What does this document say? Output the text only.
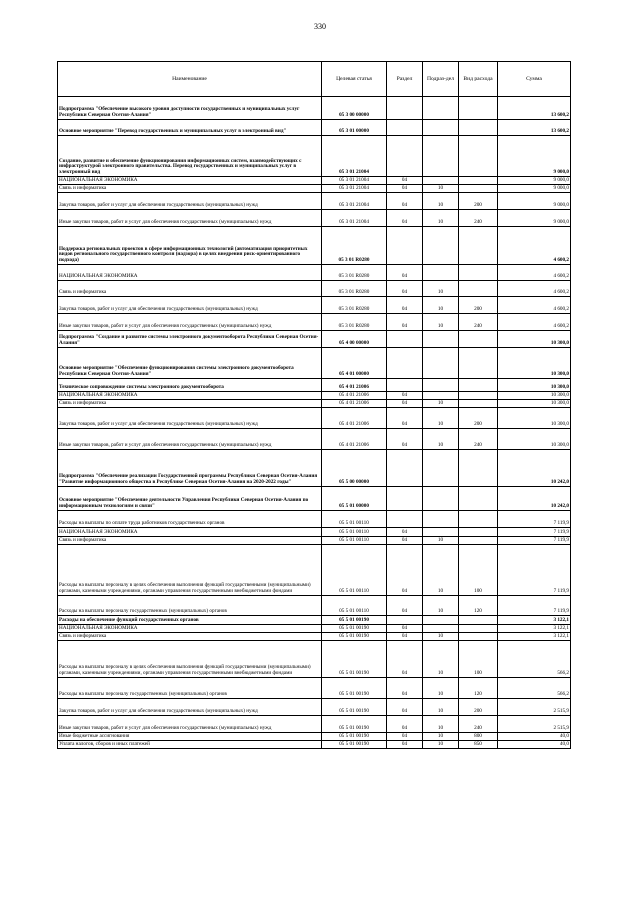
330
Наименование	Целевая статья	Раздел	Подраз-дел	Вид расхода	Сумма
Подпрограмма "Обеспечение высокого уровня доступности государственных и муниципальных услуг Республики Северная Осетия-Алания"	05 3 00 00000				13 600,2
Основное мероприятие "Перевод государственных и муниципальных услуг в электронный вид"	05 3 01 00000				13 600,2
Создание, развитие и обеспечение функционирования информационных систем, взаимодействующих с инфраструктурой электронного правительства. Перевод государственных и муниципальных услуг в электронный вид	05 3 01 21004				9 000,0
НАЦИОНАЛЬНАЯ ЭКОНОМИКА	05 3 01 21004	04			9 000,0
Связь и информатика	05 3 01 21004	04	10		9 000,0
Закупка товаров, работ и услуг для обеспечения государственных (муниципальных) нужд	05 3 01 21004	04	10	200	9 000,0
Иные закупки товаров, работ и услуг для обеспечения государственных (муниципальных) нужд	05 3 01 21004	04	10	240	9 000,0
Поддержка региональных проектов в сфере информационных технологий (автоматизация приоритетных видов регионального государственного контроля (надзора) в целях внедрения риск-ориентированного подхода)	05 3 01 R0280				4 600,2
НАЦИОНАЛЬНАЯ ЭКОНОМИКА	05 3 01 R0280	04			4 600,2
Связь и информатика	05 3 01 R0280	04	10		4 600,2
Закупка товаров, работ и услуг для обеспечения государственных (муниципальных) нужд	05 3 01 R0280	04	10	200	4 600,2
Иные закупки товаров, работ и услуг для обеспечения государственных (муниципальных) нужд	05 3 01 R0280	04	10	240	4 600,2
Подпрограмма "Создание и развитие системы электронного документооборота Республики Северная Осетия-Алания"	05 4 00 00000				10 300,0
Основное мероприятие "Обеспечение функционирования системы электронного документооборота Республики Северная Осетия-Алания"	05 4 01 00000				10 300,0
Техническое сопровождение системы электронного документооборота	05 4 01 21006				10 300,0
НАЦИОНАЛЬНАЯ ЭКОНОМИКА	05 4 01 21006	04			10 300,0
Связь и информатика	05 4 01 21006	04	10		10 300,0
Закупка товаров, работ и услуг для обеспечения государственных (муниципальных) нужд	05 4 01 21006	04	10	200	10 300,0
Иные закупки товаров, работ и услуг для обеспечения государственных (муниципальных) нужд	05 4 01 21006	04	10	240	10 300,0
Подпрограмма "Обеспечение реализации Государственной программы Республики Северная Осетия-Алания "Развитие информационного общества в Республике Северная Осетия-Алания на 2020-2022 годы"	05 5 00 00000				10 242,0
Основное мероприятие "Обеспечение деятельности Управления Республики Северная Осетия-Алания по информационным технологиям и связи"	05 5 01 00000				10 242,0
Расходы на выплаты по оплате труда работников государственных органов	05 5 01 00110				7 119,9
НАЦИОНАЛЬНАЯ ЭКОНОМИКА	05 5 01 00110	04			7 119,9
Связь и информатика	05 5 01 00110	04	10		7 119,9
Расходы на выплаты персоналу в целях обеспечения выполнения функций государственными (муниципальными) органами, казенными учреждениями, органами управления государственными внебюджетными фондами	05 5 01 00110	04	10	100	7 119,9
Расходы на выплаты персоналу государственных (муниципальных) органов	05 5 01 00110	04	10	120	7 119,9
Расходы на обеспечение функций государственных органов	05 5 01 00190				3 122,1
НАЦИОНАЛЬНАЯ ЭКОНОМИКА	05 5 01 00190	04			3 122,1
Связь и информатика	05 5 01 00190	04	10		3 122,1
Расходы на выплаты персоналу в целях обеспечения выполнения функций государственными (муниципальными) органами, казенными учреждениями, органами управления государственными внебюджетными фондами	05 5 01 00190	04	10	100	566,2
Расходы на выплаты персоналу государственных (муниципальных) органов	05 5 01 00190	04	10	120	566,2
Закупка товаров, работ и услуг для обеспечения государственных (муниципальных) нужд	05 5 01 00190	04	10	200	2 515,9
Иные закупки товаров, работ и услуг для обеспечения государственных (муниципальных) нужд	05 5 01 00190	04	10	240	2 515,9
Иные бюджетные ассигнования	05 5 01 00190	04	10	800	40,0
Уплата налогов, сборов и иных платежей	05 5 01 00190	04	10	850	40,0
